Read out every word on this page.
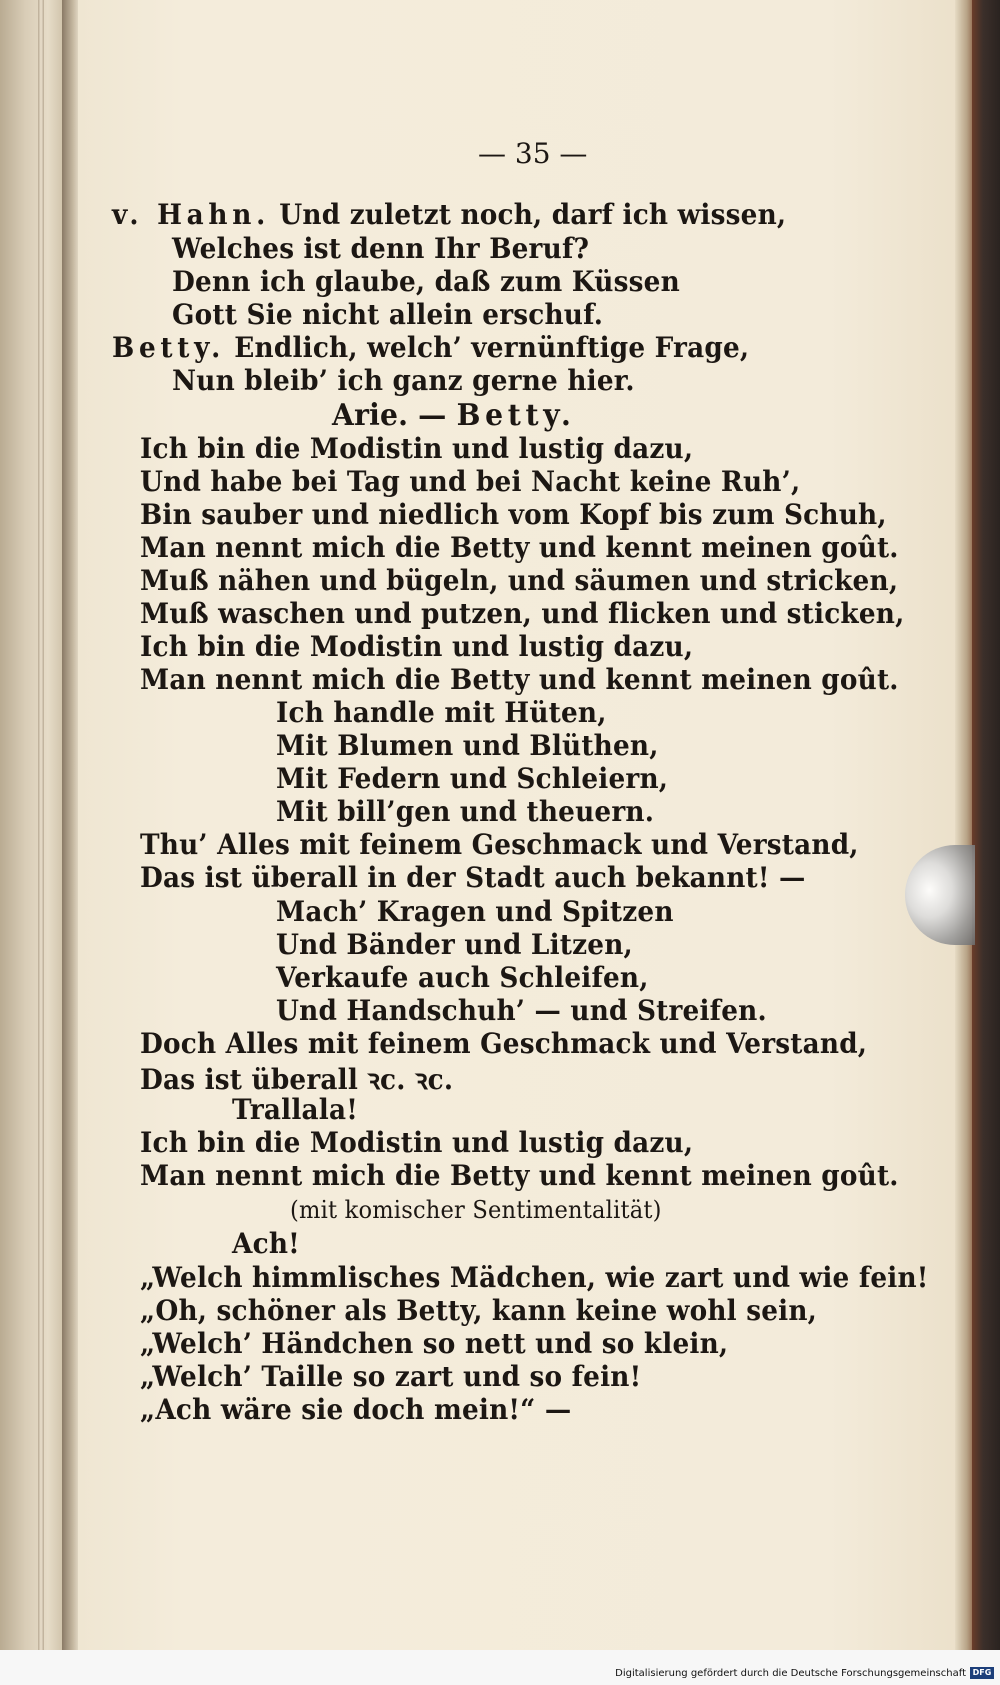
— 35 —
v. Hahn. Und zuletzt noch, darf ich wissen,
Welches ist denn Ihr Beruf?
Denn ich glaube, daß zum Küssen
Gott Sie nicht allein erschuf.
Betty. Endlich, welch’ vernünftige Frage,
Nun bleib’ ich ganz gerne hier.
Arie. — Betty.
Ich bin die Modistin und lustig dazu,
Und habe bei Tag und bei Nacht keine Ruh’,
Bin sauber und niedlich vom Kopf bis zum Schuh,
Man nennt mich die Betty und kennt meinen goût.
Muß nähen und bügeln, und säumen und stricken,
Muß waschen und putzen, und flicken und sticken,
Ich bin die Modistin und lustig dazu,
Man nennt mich die Betty und kennt meinen goût.
Ich handle mit Hüten,
Mit Blumen und Blüthen,
Mit Federn und Schleiern,
Mit bill’gen und theuern.
Thu’ Alles mit feinem Geschmack und Verstand,
Das ist überall in der Stadt auch bekannt! —
Mach’ Kragen und Spitzen
Und Bänder und Litzen,
Verkaufe auch Schleifen,
Und Handschuh’ — und Streifen.
Doch Alles mit feinem Geschmack und Verstand,
Das ist überall ꝛc. ꝛc.
Trallala!
Ich bin die Modistin und lustig dazu,
Man nennt mich die Betty und kennt meinen goût.
(mit komischer Sentimentalität)
Ach!
„Welch himmlisches Mädchen, wie zart und wie fein!
„Oh, schöner als Betty, kann keine wohl sein,
„Welch’ Händchen so nett und so klein,
„Welch’ Taille so zart und so fein!
„Ach wäre sie doch mein!“ —
Digitalisierung gefördert durch die Deutsche Forschungsgemeinschaft DFG
